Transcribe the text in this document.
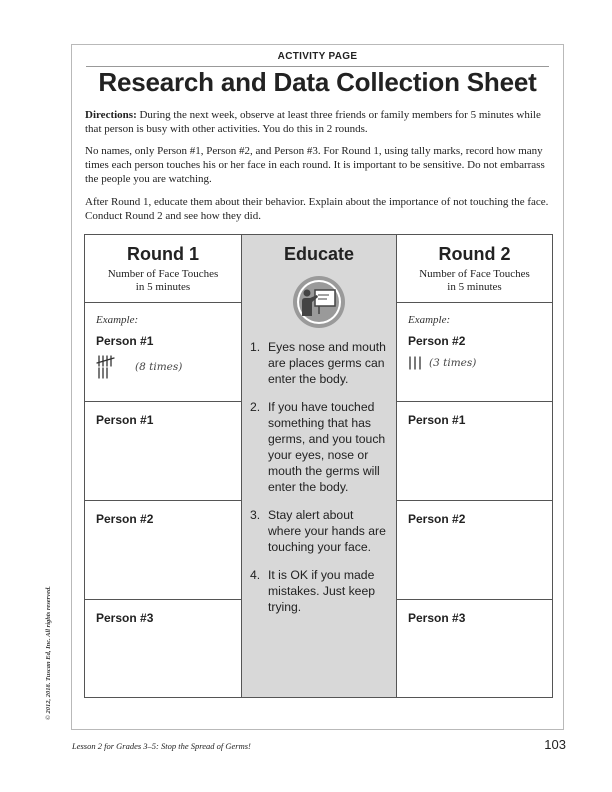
ACTIVITY PAGE
Research and Data Collection Sheet

Directions: During the next week, observe at least three friends or family members for 5 minutes while that person is busy with other activities. You do this in 2 rounds.

No names, only Person #1, Person #2, and Person #3. For Round 1, using tally marks, record how many times each person touches his or her face in each round. It is important to be sensitive. Do not embarrass the people you are watching.

After Round 1, educate them about their behavior. Explain about the importance of not touching the face. Conduct Round 2 and see how they did.

Round 1
Number of Face Touches
in 5 minutes
Example:
Person #1
(8 times)
Person #1
Person #2
Person #3
Educate
1. Eyes nose and mouth are places germs can enter the body.
2. If you have touched something that has germs, and you touch your eyes, nose or mouth the germs will enter the body.
3. Stay alert about where your hands are touching your face.
4. It is OK if you made mistakes. Just keep trying.
Round 2
Number of Face Touches
in 5 minutes
Example:
Person #2
(3 times)
Person #1
Person #2
Person #3
© 2012, 2018. Tuscan Ed, Inc. All rights reserved.
Lesson 2 for Grades 3–5: Stop the Spread of Germs!	103
